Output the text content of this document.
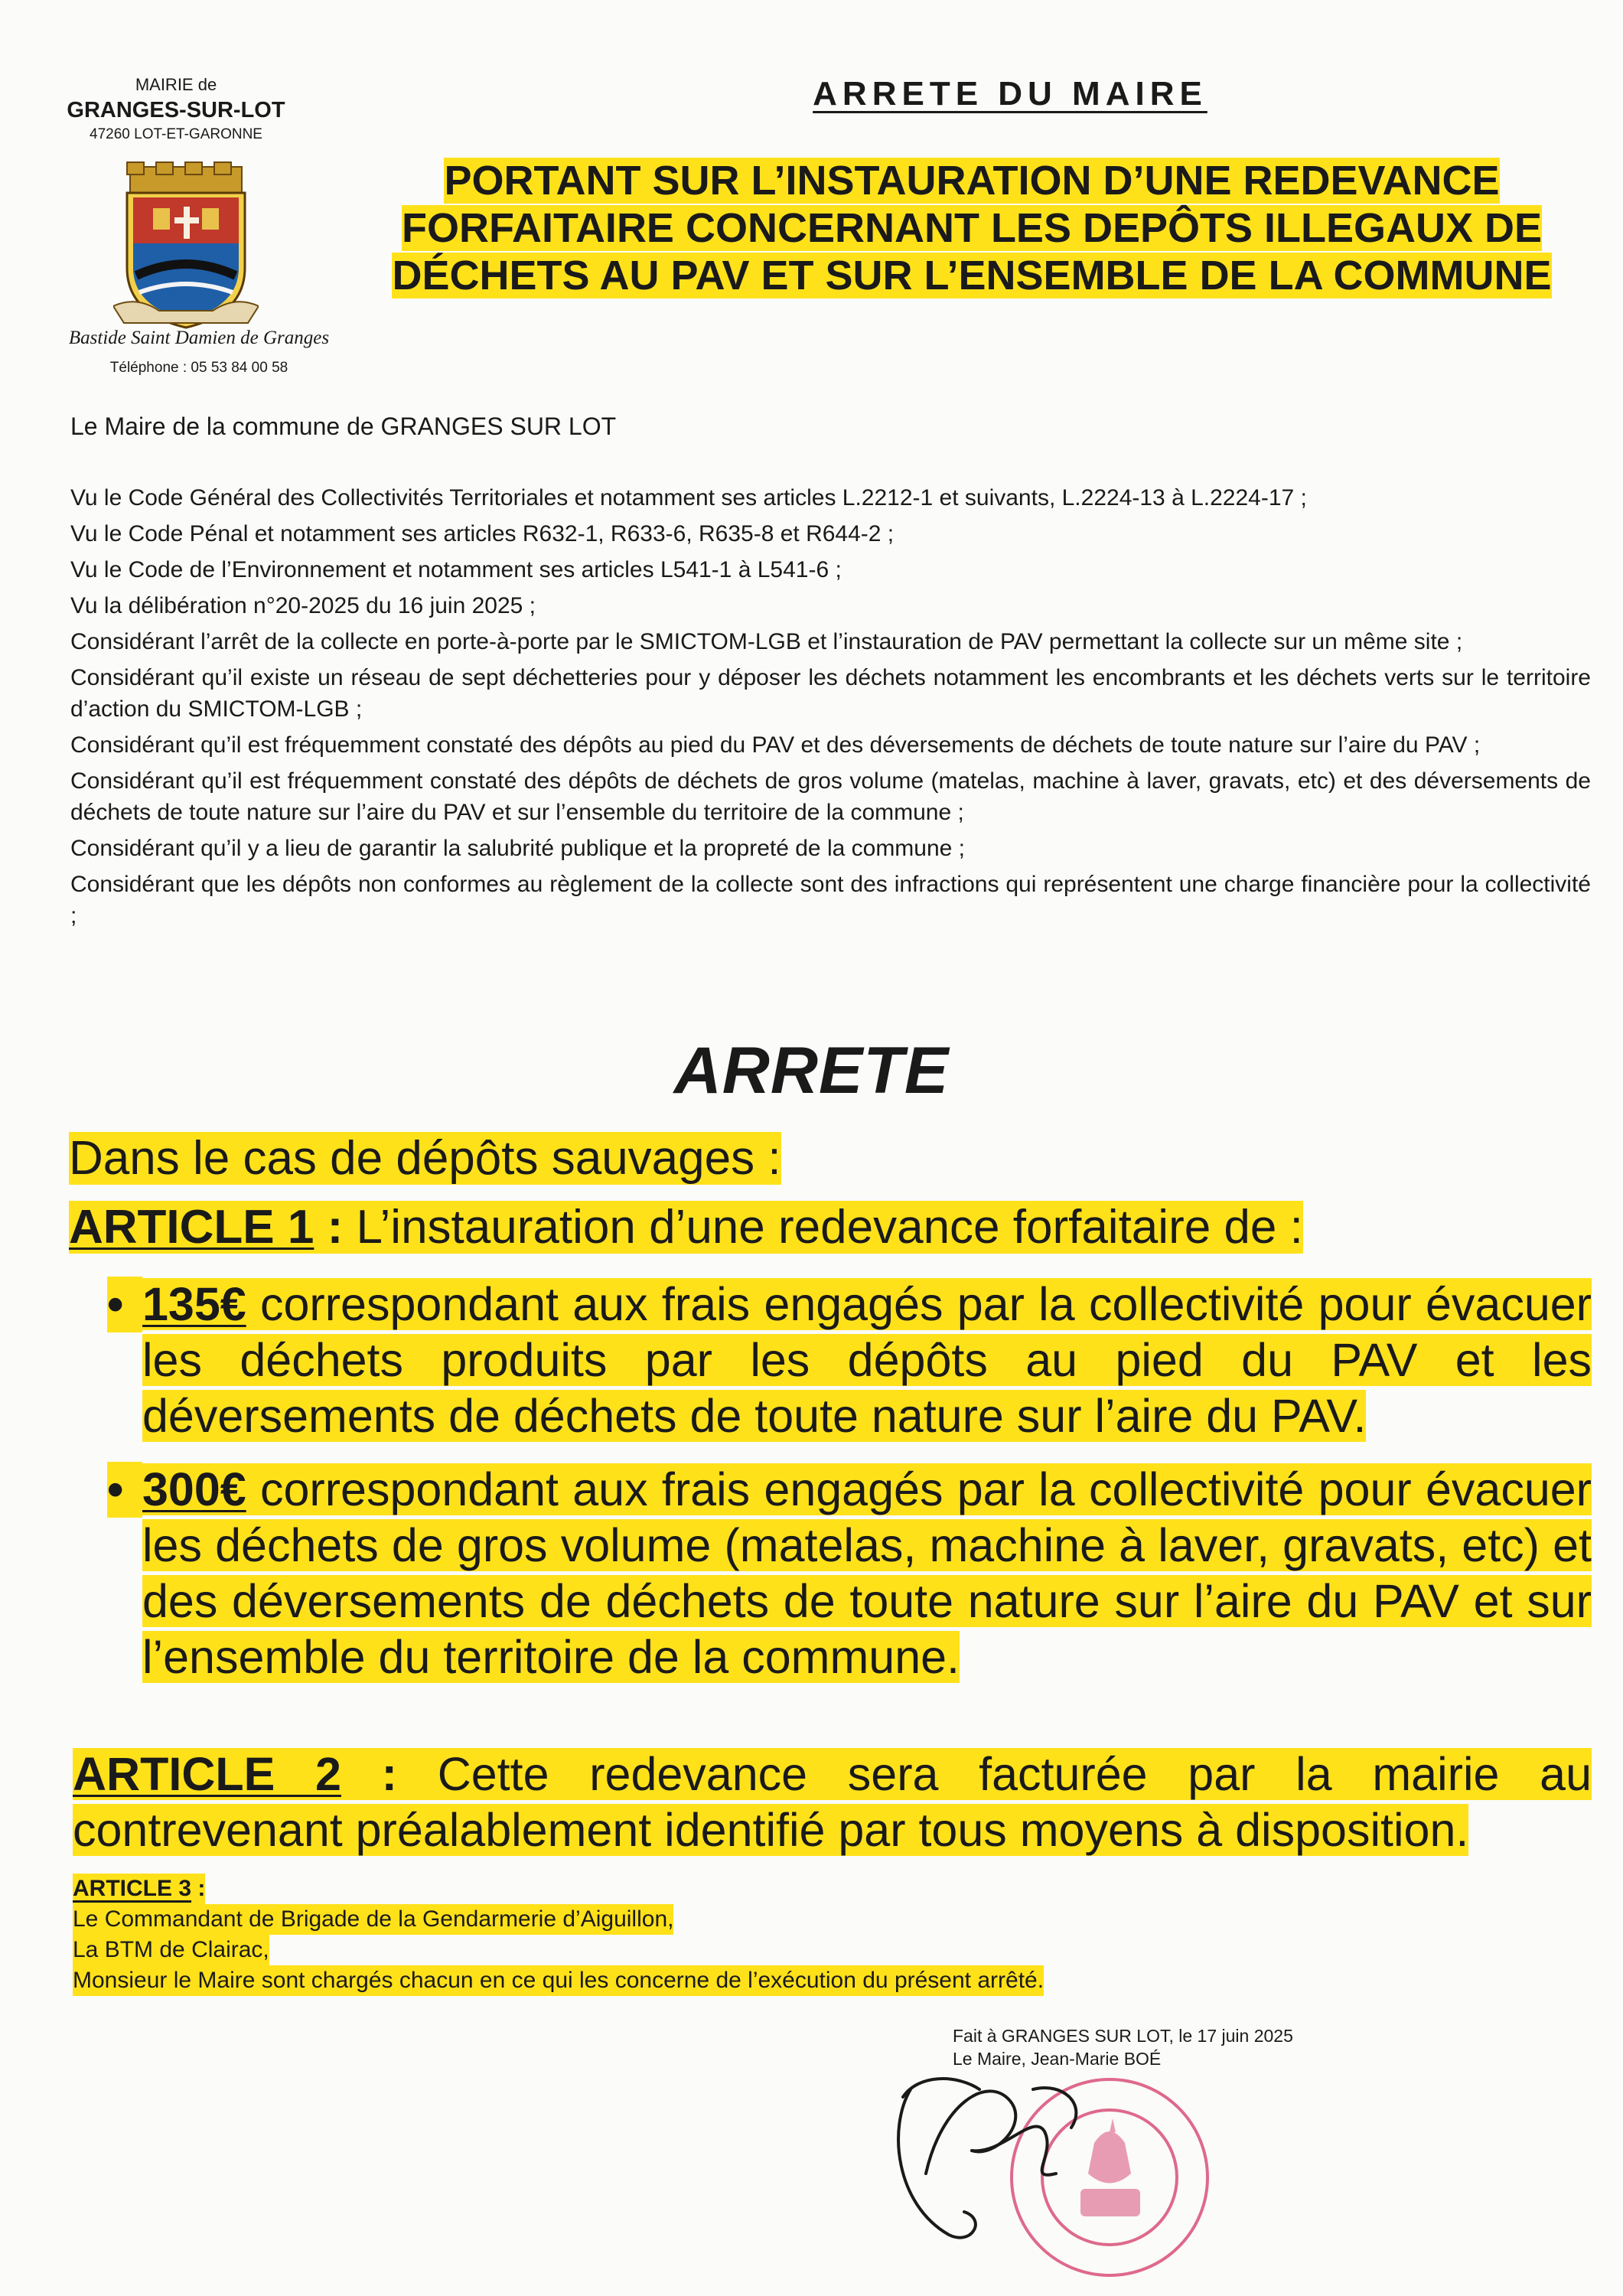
MAIRIE de
GRANGES-SUR-LOT
47260 LOT-ET-GARONNE
Bastide Saint Damien de Granges
Téléphone : 05 53 84 00 58
ARRETE DU MAIRE
PORTANT SUR L’INSTAURATION D’UNE REDEVANCE FORFAITAIRE CONCERNANT LES DEPÔTS ILLEGAUX DE DÉCHETS AU PAV ET SUR L’ENSEMBLE DE LA COMMUNE
Le Maire de la commune de GRANGES SUR LOT

Vu le Code Général des Collectivités Territoriales et notamment ses articles L.2212-1 et suivants, L.2224-13 à L.2224-17 ;

Vu le Code Pénal et notamment ses articles R632-1, R633-6, R635-8 et R644-2 ;

Vu le Code de l’Environnement et notamment ses articles L541-1 à L541-6 ;

Vu la délibération n°20-2025 du 16 juin 2025 ;

Considérant l’arrêt de la collecte en porte-à-porte par le SMICTOM-LGB et l’instauration de PAV permettant la collecte sur un même site ;

Considérant qu’il existe un réseau de sept déchetteries pour y déposer les déchets notamment les encombrants et les déchets verts sur le territoire d’action du SMICTOM-LGB ;

Considérant qu’il est fréquemment constaté des dépôts au pied du PAV et des déversements de déchets de toute nature sur l’aire du PAV ;

Considérant qu’il est fréquemment constaté des dépôts de déchets de gros volume (matelas, machine à laver, gravats, etc) et des déversements de déchets de toute nature sur l’aire du PAV et sur l’ensemble du territoire de la commune ;

Considérant qu’il y a lieu de garantir la salubrité publique et la propreté de la commune ;

Considérant que les dépôts non conformes au règlement de la collecte sont des infractions qui représentent une charge financière pour la collectivité ;

ARRETE
Dans le cas de dépôts sauvages :
ARTICLE 1 : L’instauration d’une redevance forfaitaire de :
• 135€ correspondant aux frais engagés par la collectivité pour évacuer les déchets produits par les dépôts au pied du PAV et les déversements de déchets de toute nature sur l’aire du PAV.
• 300€ correspondant aux frais engagés par la collectivité pour évacuer les déchets de gros volume (matelas, machine à laver, gravats, etc) et des déversements de déchets de toute nature sur l’aire du PAV et sur l’ensemble du territoire de la commune.
ARTICLE 2 : Cette redevance sera facturée par la mairie au contrevenant préalablement identifié par tous moyens à disposition.
ARTICLE 3 :
Le Commandant de Brigade de la Gendarmerie d’Aiguillon,
La BTM de Clairac,
Monsieur le Maire sont chargés chacun en ce qui les concerne de l’exécution du présent arrêté.
Fait à GRANGES SUR LOT, le 17 juin 2025
Le Maire, Jean-Marie BOÉ
